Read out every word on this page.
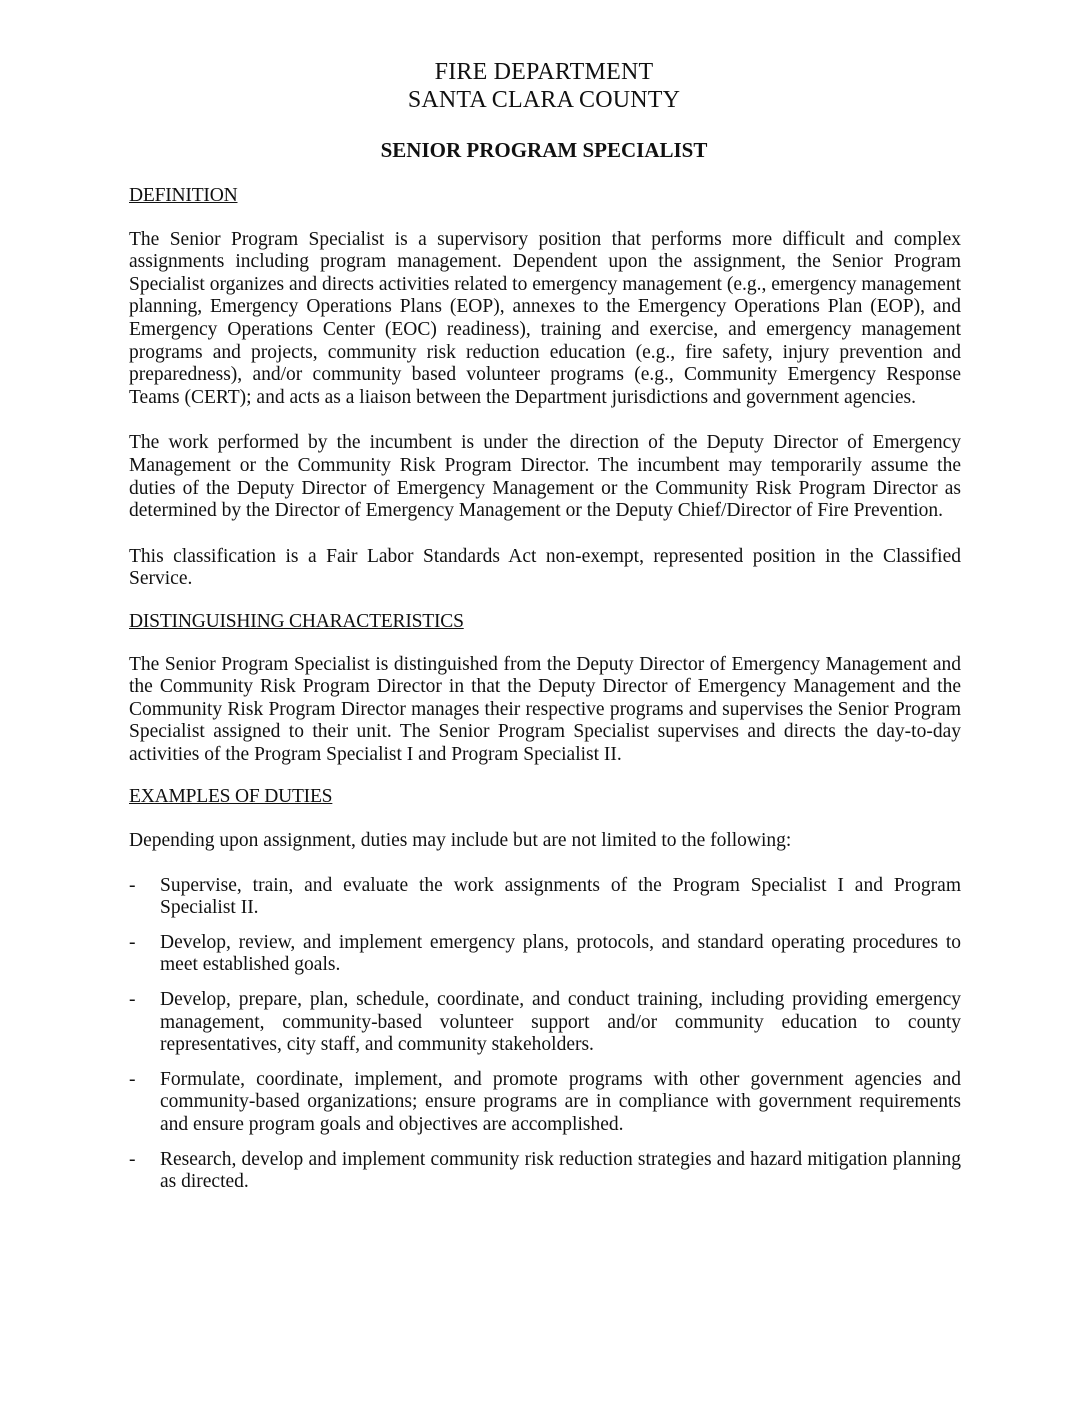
FIRE DEPARTMENT
SANTA CLARA COUNTY
SENIOR PROGRAM SPECIALIST
DEFINITION

The Senior Program Specialist is a supervisory position that performs more difficult and complex assignments including program management. Dependent upon the assignment, the Senior Program Specialist organizes and directs activities related to emergency management (e.g., emergency management planning, Emergency Operations Plans (EOP), annexes to the Emergency Operations Plan (EOP), and Emergency Operations Center (EOC) readiness), training and exercise, and emergency management programs and projects, community risk reduction education (e.g., fire safety, injury prevention and preparedness), and/or community based volunteer programs (e.g., Community Emergency Response Teams (CERT); and acts as a liaison between the Department jurisdictions and government agencies.

The work performed by the incumbent is under the direction of the Deputy Director of Emergency Management or the Community Risk Program Director. The incumbent may temporarily assume the duties of the Deputy Director of Emergency Management or the Community Risk Program Director as determined by the Director of Emergency Management or the Deputy Chief/Director of Fire Prevention.

This classification is a Fair Labor Standards Act non-exempt, represented position in the Classified Service.

DISTINGUISHING CHARACTERISTICS

The Senior Program Specialist is distinguished from the Deputy Director of Emergency Management and the Community Risk Program Director in that the Deputy Director of Emergency Management and the Community Risk Program Director manages their respective programs and supervises the Senior Program Specialist assigned to their unit. The Senior Program Specialist supervises and directs the day-to-day activities of the Program Specialist I and Program Specialist II.

EXAMPLES OF DUTIES

Depending upon assignment, duties may include but are not limited to the following:

- Supervise, train, and evaluate the work assignments of the Program Specialist I and Program Specialist II.
- Develop, review, and implement emergency plans, protocols, and standard operating procedures to meet established goals.
- Develop, prepare, plan, schedule, coordinate, and conduct training, including providing emergency management, community-based volunteer support and/or community education to county representatives, city staff, and community stakeholders.
- Formulate, coordinate, implement, and promote programs with other government agencies and community-based organizations; ensure programs are in compliance with government requirements and ensure program goals and objectives are accomplished.
- Research, develop and implement community risk reduction strategies and hazard mitigation planning as directed.
